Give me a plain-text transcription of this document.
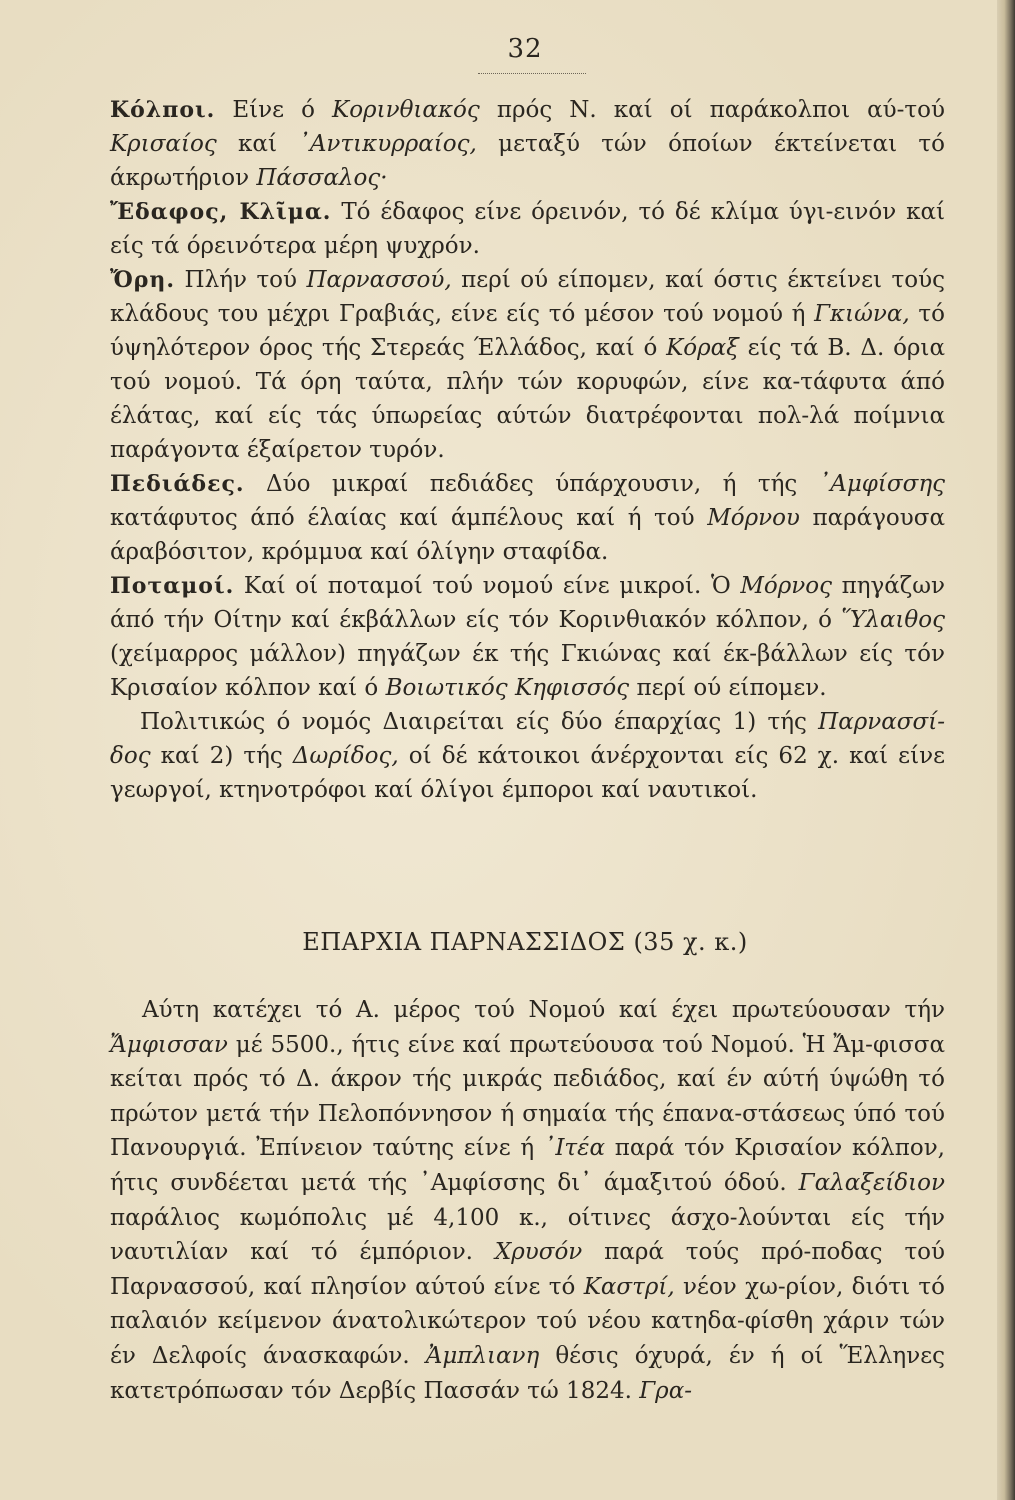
32

Κόλποι. Είνε ό Κορινθιακός πρός Ν. καί οί παράκολποι αύ-τού Κρισαίος καί ᾿Αντικυρραίος, μεταξύ τών όποίων έκτείνεται τό άκρωτήριον Πάσσαλος·

Ἔδαφος, Κλῖμα. Τό έδαφος είνε όρεινόν, τό δέ κλίμα ύγι-εινόν καί είς τά όρεινότερα μέρη ψυχρόν.

Ὄρη. Πλήν τού Παρνασσού, περί ού είπομεν, καί όστις έκτείνει τούς κλάδους του μέχρι Γραβιάς, είνε είς τό μέσον τού νομού ή Γκιώνα, τό ύψηλότερον όρος τής Στερεάς Έλλάδος, καί ό Κόραξ είς τά Β. Δ. όρια τού νομού. Τά όρη ταύτα, πλήν τών κορυφών, είνε κα-τάφυτα άπό έλάτας, καί είς τάς ύπωρείας αύτών διατρέφονται πολ-λά ποίμνια παράγοντα έξαίρετον τυρόν.

Πεδιάδες. Δύο μικραί πεδιάδες ύπάρχουσιν, ή τής ᾿Αμφίσσης κατάφυτος άπό έλαίας καί άμπέλους καί ή τού Μόρνου παράγουσα άραβόσιτον, κρόμμυα καί όλίγην σταφίδα.

Ποταμοί. Καί οί ποταμοί τού νομού είνε μικροί. Ὁ Μόρνος πηγάζων άπό τήν Οίτην καί έκβάλλων είς τόν Κορινθιακόν κόλπον, ό Ὕλαιθος (χείμαρρος μάλλον) πηγάζων έκ τής Γκιώνας καί έκ-βάλλων είς τόν Κρισαίον κόλπον καί ό Βοιωτικός Κηφισσός περί ού είπομεν.

Πολιτικώς ό νομός Διαιρείται είς δύο έπαρχίας 1) τής Παρνασσί-δος καί 2) τής Δωρίδος, οί δέ κάτοικοι άνέρχονται είς 62 χ. καί είνε γεωργοί, κτηνοτρόφοι καί όλίγοι έμποροι καί ναυτικοί.

ΕΠΑΡΧΙΑ ΠΑΡΝΑΣΣΙΔΟΣ (35 χ. κ.)

Αύτη κατέχει τό Α. μέρος τού Νομού καί έχει πρωτεύουσαν τήν Ἄμφισσαν μέ 5500., ήτις είνε καί πρωτεύουσα τού Νομού. Ἡ Ἄμ-φισσα κείται πρός τό Δ. άκρον τής μικράς πεδιάδος, καί έν αύτή ύψώθη τό πρώτον μετά τήν Πελοπόννησον ή σημαία τής έπανα-στάσεως ύπό τού Πανουργιά. Ἐπίνειον ταύτης είνε ή ᾿Ιτέα παρά τόν Κρισαίον κόλπον, ήτις συνδέεται μετά τής ᾿Αμφίσσης δι᾿ άμαξιτού όδού. Γαλαξείδιον παράλιος κωμόπολις μέ 4,100 κ., οίτινες άσχο-λούνται είς τήν ναυτιλίαν καί τό έμπόριον. Χρυσόν παρά τούς πρό-ποδας τού Παρνασσού, καί πλησίον αύτού είνε τό Καστρί, νέον χω-ρίον, διότι τό παλαιόν κείμενον άνατολικώτερον τού νέου κατηδα-φίσθη χάριν τών έν Δελφοίς άνασκαφών. Ἀμπλιανη θέσις όχυρά, έν ή οί Ἕλληνες κατετρόπωσαν τόν Δερβίς Πασσάν τώ 1824. Γρα-
